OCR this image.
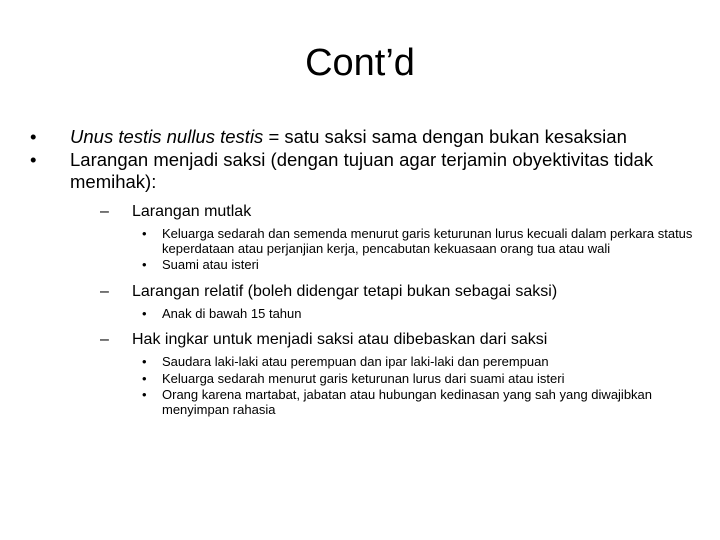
Cont’d
• Unus testis nullus testis = satu saksi sama dengan bukan kesaksian
• Larangan menjadi saksi (dengan tujuan agar terjamin obyektivitas tidak memihak):
– Larangan mutlak
• Keluarga sedarah dan semenda menurut garis keturunan lurus kecuali dalam perkara status keperdataan atau perjanjian kerja, pencabutan kekuasaan orang tua atau wali
• Suami atau isteri
– Larangan relatif (boleh didengar tetapi bukan sebagai saksi)
• Anak di bawah 15 tahun
– Hak ingkar untuk menjadi saksi atau dibebaskan dari saksi
• Saudara laki-laki atau perempuan dan ipar laki-laki dan perempuan
• Keluarga sedarah menurut garis keturunan lurus dari suami atau isteri
• Orang karena martabat, jabatan atau hubungan kedinasan yang sah yang diwajibkan menyimpan rahasia
